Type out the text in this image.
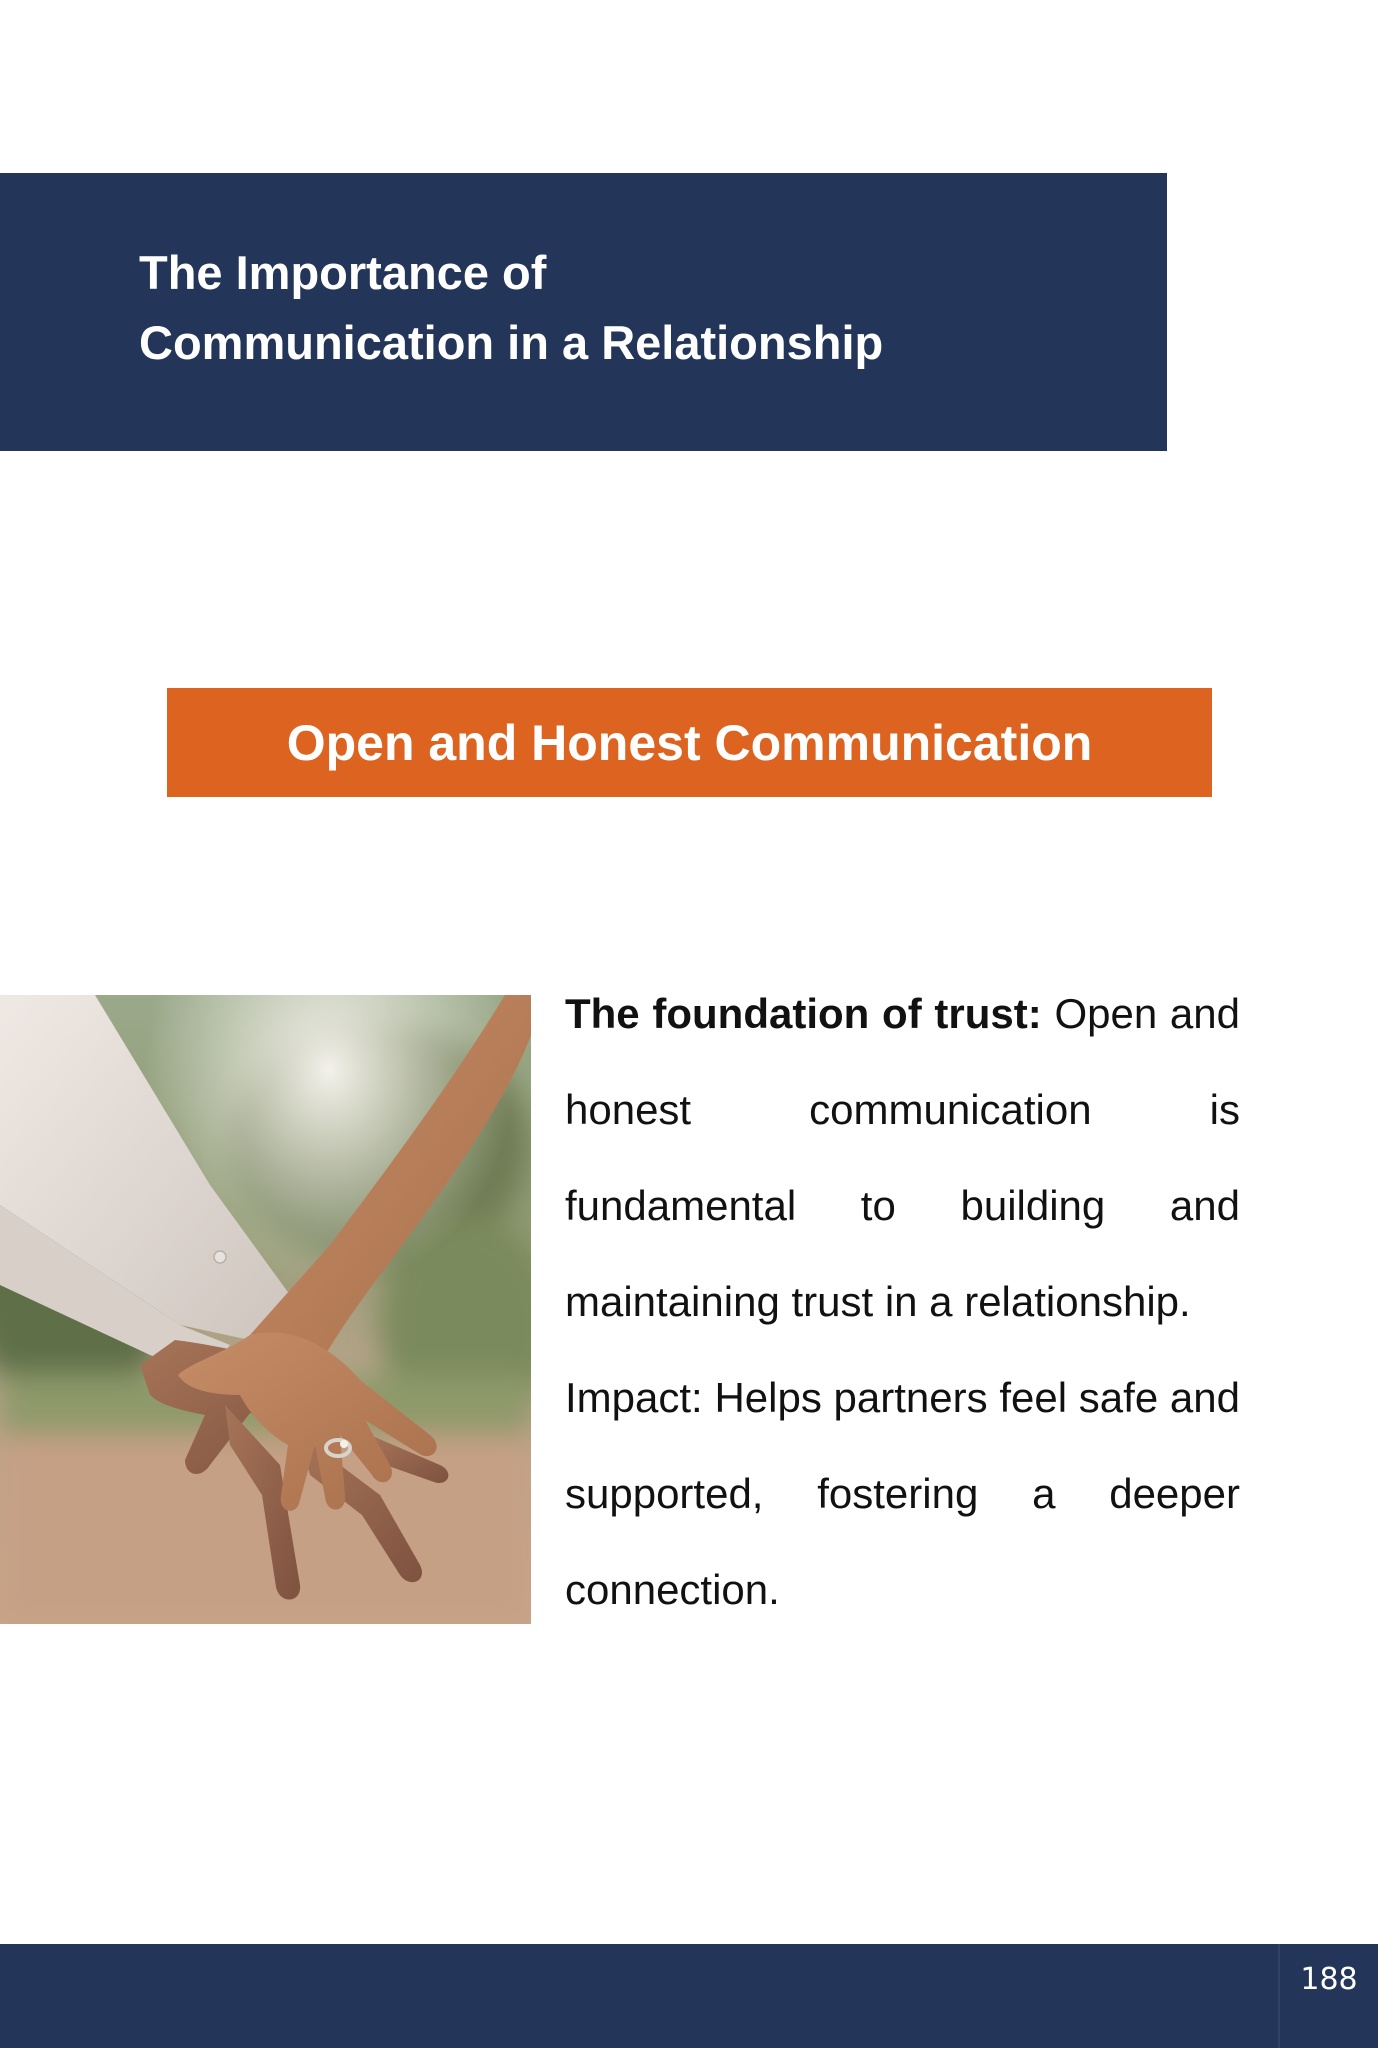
The Importance of
Communication in a Relationship
Open and Honest Communication

The foundation of trust: Open and honest communication is fundamental to building and maintaining trust in a relationship.

Impact: Helps partners feel safe and supported, fostering a deeper connection.

188
